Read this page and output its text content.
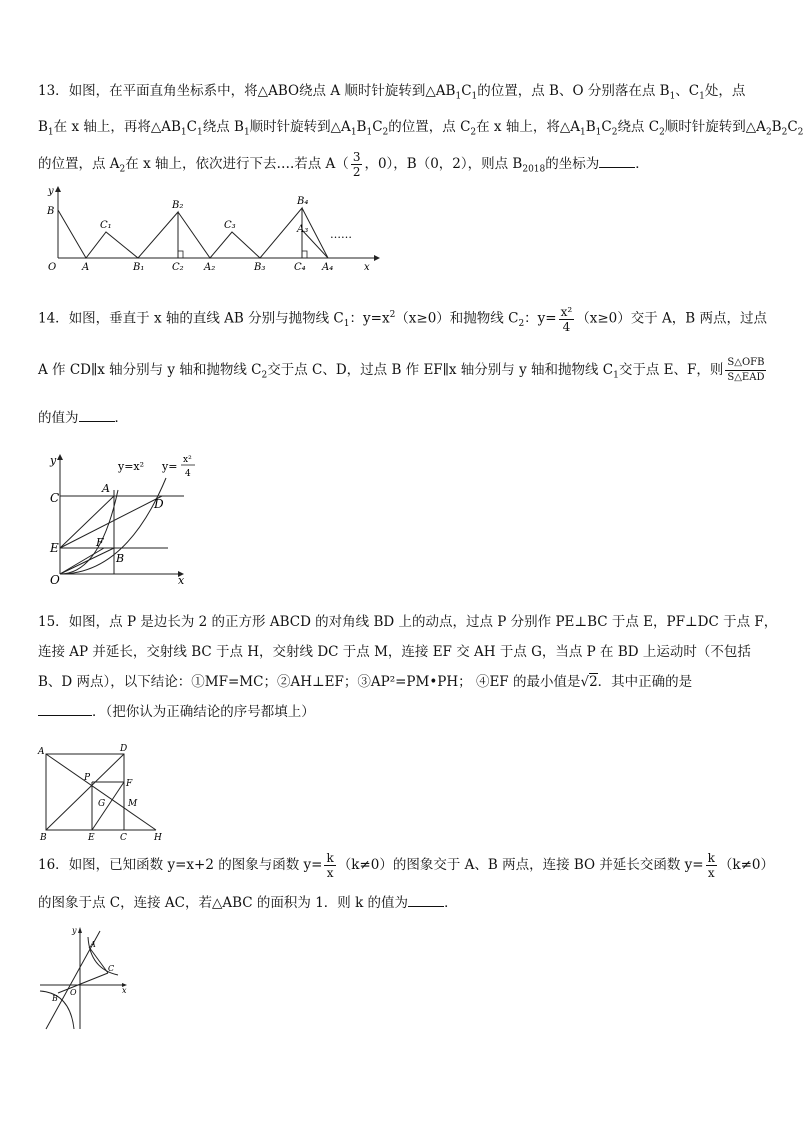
13．如图，在平面直角坐标系中，将△ABO绕点 A 顺时针旋转到$\triangle AB_1C_1$的位置，点 B、O 分别落在点 $B_1$、$C_1$处，点
$B_1$在 x 轴上，再将$\triangle AB_1C_1$绕点 $B_1$顺时针旋转到$\triangle A_1B_1C_2$的位置，点 $C_2$在 x 轴上，将$\triangle A_1B_1C_2$绕点 $C_2$顺时针旋转到$\triangle A_2B_2C_2$
的位置，点 $A_2$在 x 轴上，依次进行下去….若点 $A( \frac{3}{2}$ ，0），B（0，2），则点 $B_{2018}$的坐标为	．
y
B
O	A
C₁
B₁
B₂
C₂ A₂
C₃
B₃
B₄
A₃
C₄ A₄	x
……
14．如图，垂直于 x 轴的直线 AB 分别与抛物线 $C_1$：$y=x^2(x\ge 0)$和抛物线 $C_2$：$y= \frac{\text{x²}}{4} (x\ge 0)$交于 A，B 两点，过点
A 作 CD∥x 轴分别与 y 轴和抛物线 $C_2$交于点 C、D，过点 B 作 EF∥x 轴分别与 y 轴和抛物线 $C_1$交于点 E、F，则 $\frac{\text{S△OFB}}{\text{S△EAD}}$
的值为	．
y	y=x² y= x²
4
C
A
D
E	F
B
O	x
15．如图，点 P 是边长为 2 的正方形 ABCD 的对角线 BD 上的动点，过点 P 分别作 PE⊥BC 于点 E，PF⊥DC 于点 F，
连接 AP 并延长，交射线 BC 于点 H，交射线 DC 于点 M，连接 EF 交 AH 于点 G，当点 P 在 BD 上运动时（不包括
B、D 两点），以下结论：①MF=MC；②AH⊥EF；③AP²=PM•PH； ④EF 的最小值是√2．其中正确的是
．（把你认为正确结论的序号都填上）
A	D
P
F
G	M
B	E	C	H
16．如图，已知函数 y=x+2 的图象与函数 $y= \frac{k}{x} (k\ne 0)$的图象交于 A、B 两点，连接 BO 并延长交函数 $y= \frac{k}{x} (k\ne 0)$
的图象于点 C，连接 AC，若△ABC 的面积为 1．则 k 的值为	．
y
A
C
O
B
x
